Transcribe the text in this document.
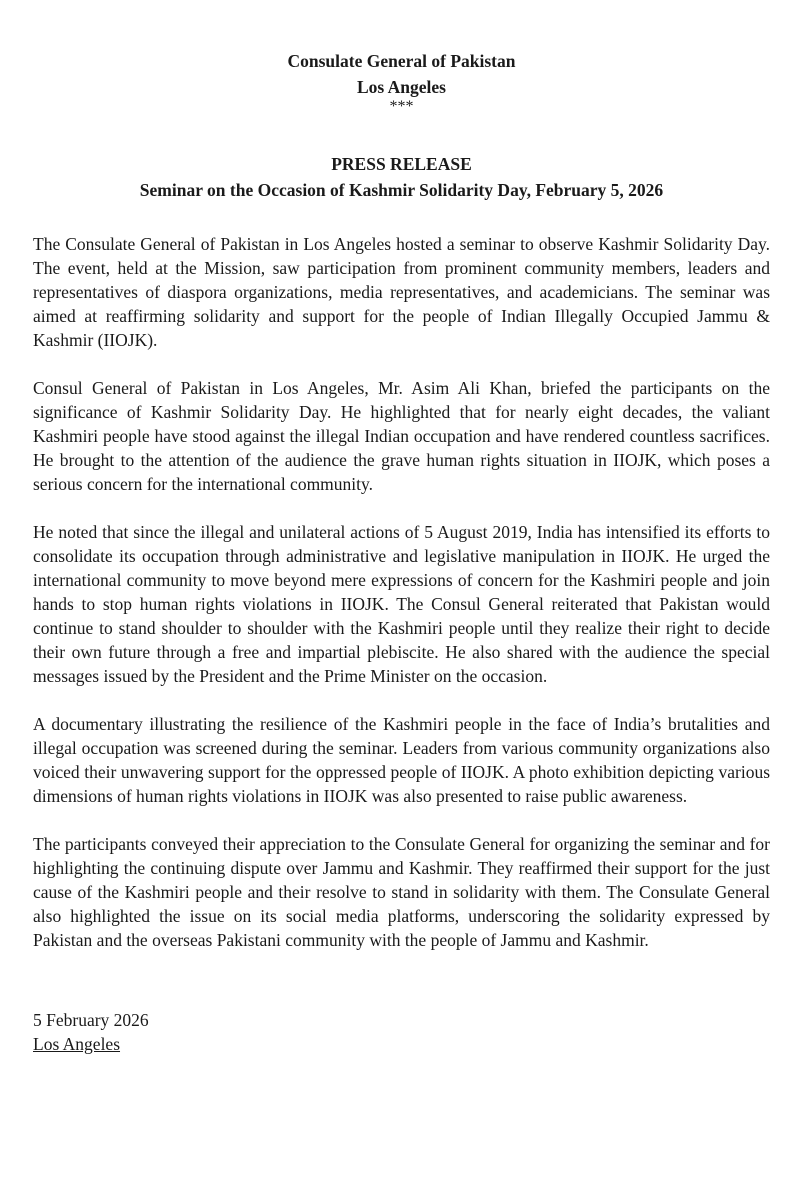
Consulate General of Pakistan
Los Angeles
***
PRESS RELEASE
Seminar on the Occasion of Kashmir Solidarity Day, February 5, 2026

The Consulate General of Pakistan in Los Angeles hosted a seminar to observe Kashmir Solidarity Day. The event, held at the Mission, saw participation from prominent community members, leaders and representatives of diaspora organizations, media representatives, and academicians. The seminar was aimed at reaffirming solidarity and support for the people of Indian Illegally Occupied Jammu & Kashmir (IIOJK).

Consul General of Pakistan in Los Angeles, Mr. Asim Ali Khan, briefed the participants on the significance of Kashmir Solidarity Day. He highlighted that for nearly eight decades, the valiant Kashmiri people have stood against the illegal Indian occupation and have rendered countless sacrifices. He brought to the attention of the audience the grave human rights situation in IIOJK, which poses a serious concern for the international community.

He noted that since the illegal and unilateral actions of 5 August 2019, India has intensified its efforts to consolidate its occupation through administrative and legislative manipulation in IIOJK. He urged the international community to move beyond mere expressions of concern for the Kashmiri people and join hands to stop human rights violations in IIOJK. The Consul General reiterated that Pakistan would continue to stand shoulder to shoulder with the Kashmiri people until they realize their right to decide their own future through a free and impartial plebiscite. He also shared with the audience the special messages issued by the President and the Prime Minister on the occasion.

A documentary illustrating the resilience of the Kashmiri people in the face of India’s brutalities and illegal occupation was screened during the seminar. Leaders from various community organizations also voiced their unwavering support for the oppressed people of IIOJK. A photo exhibition depicting various dimensions of human rights violations in IIOJK was also presented to raise public awareness.

The participants conveyed their appreciation to the Consulate General for organizing the seminar and for highlighting the continuing dispute over Jammu and Kashmir. They reaffirmed their support for the just cause of the Kashmiri people and their resolve to stand in solidarity with them. The Consulate General also highlighted the issue on its social media platforms, underscoring the solidarity expressed by Pakistan and the overseas Pakistani community with the people of Jammu and Kashmir.

5 February 2026
Los Angeles
